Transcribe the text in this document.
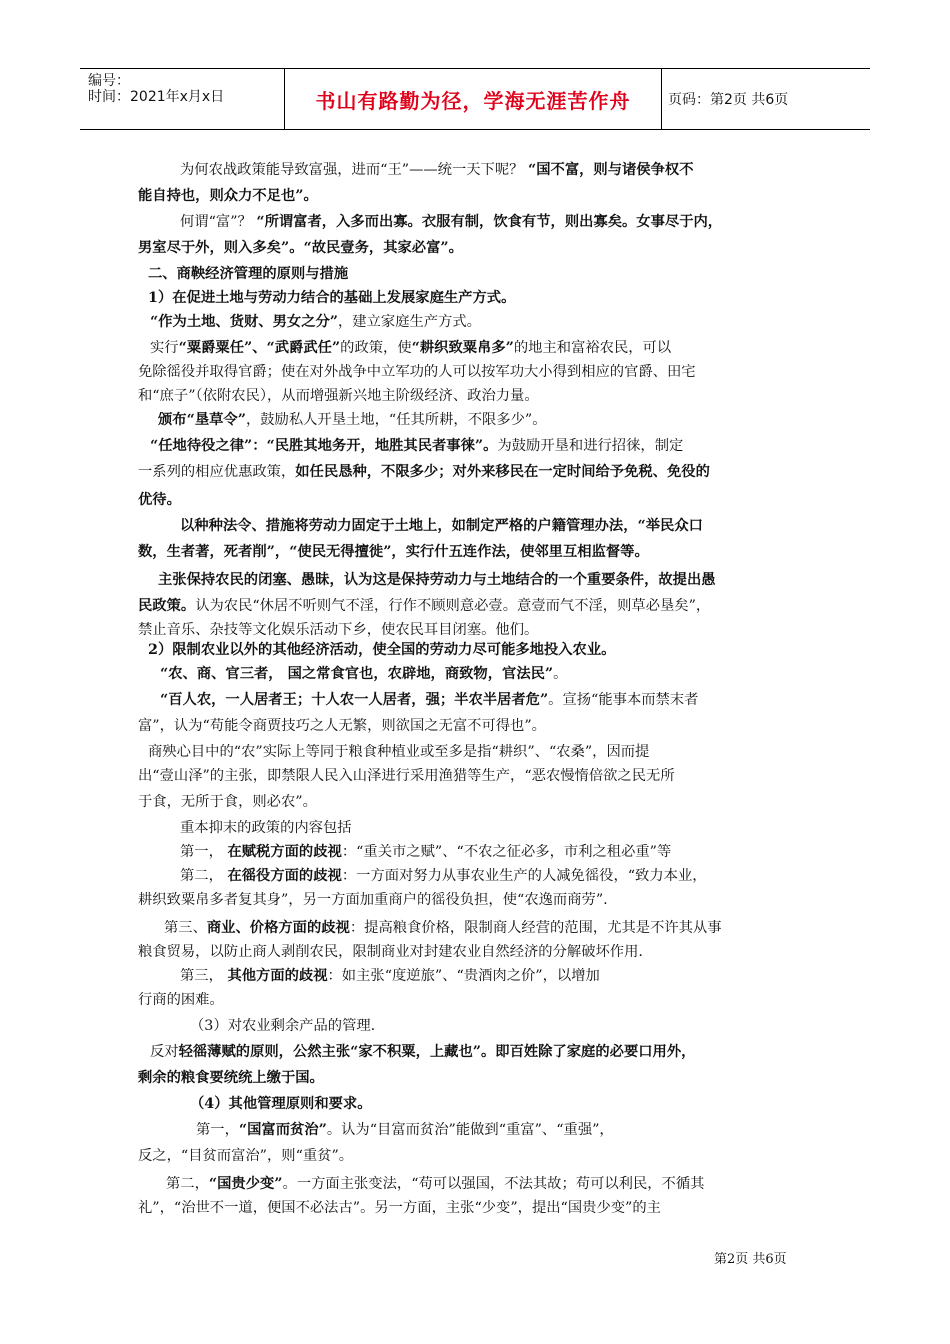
编号：
时间：2021年x月x日	书山有路勤为径，学海无涯苦作舟	页码：第2页 共6页
为何农战政策能导致富强，进而“王”——统一天下呢？ “国不富，则与诸侯争权不
能自持也，则众力不足也”。
何谓“富”？ “所谓富者，入多而出寡。衣服有制，饮食有节，则出寡矣。女事尽于内，
男室尽于外，则入多矣”。“故民壹务，其家必富”。
二、商鞅经济管理的原则与措施
1）在促进土地与劳动力结合的基础上发展家庭生产方式。
“作为土地、货财、男女之分”，建立家庭生产方式。
实行“粟爵粟任”、“武爵武任”的政策，使“耕织致粟帛多”的地主和富裕农民，可以
免除徭役并取得官爵；使在对外战争中立军功的人可以按军功大小得到相应的官爵、田宅
和“庶子”（依附农民），从而增强新兴地主阶级经济、政治力量。
颁布“垦草令”，鼓励私人开垦土地，“任其所耕，不限多少”。
“任地待役之律”：“民胜其地务开，地胜其民者事徕”。为鼓励开垦和进行招徕，制定
一系列的相应优惠政策，如任民恳种，不限多少；对外来移民在一定时间给予免税、免役的
优待。
以种种法令、措施将劳动力固定于土地上，如制定严格的户籍管理办法，“举民众口
数，生者著，死者削”，“使民无得擅徙”，实行什五连作法，使邻里互相监督等。
主张保持农民的闭塞、愚昧，认为这是保持劳动力与土地结合的一个重要条件，故提出愚
民政策。认为农民“休居不听则气不淫，行作不顾则意必壹。意壹而气不淫，则草必垦矣”，
禁止音乐、杂技等文化娱乐活动下乡，使农民耳目闭塞。他们。
2）限制农业以外的其他经济活动，使全国的劳动力尽可能多地投入农业。
“农、商、官三者， 国之常食官也，农辟地，商致物，官法民”。
“百人农，一人居者王；十人农一人居者，强；半农半居者危”。宣扬“能事本而禁末者
富”，认为“苟能令商贾技巧之人无繁，则欲国之无富不可得也”。
商殃心目中的“农”实际上等同于粮食种植业或至多是指“耕织”、“农桑”，因而提
出“壹山泽”的主张，即禁限人民入山泽进行采用渔猎等生产，“恶农慢惰倍欲之民无所
于食，无所于食，则必农”。
重本抑末的政策的内容包括
第一， 在赋税方面的歧视：“重关市之赋”、“不农之征必多，市利之租必重”等
第二， 在徭役方面的歧视：一方面对努力从事农业生产的人减免徭役，“致力本业，
耕织致粟帛多者复其身”，另一方面加重商户的徭役负担，使“农逸而商劳”.
第三、商业、价格方面的歧视：提高粮食价格，限制商人经营的范围，尤其是不许其从事
粮食贸易，以防止商人剥削农民，限制商业对封建农业自然经济的分解破坏作用.
第三， 其他方面的歧视：如主张“度逆旅”、“贵酒肉之价”，以增加
行商的困难。
（3）对农业剩余产品的管理.
反对轻徭薄赋的原则，公然主张“家不积粟，上藏也”。即百姓除了家庭的必要口用外，
剩余的粮食要统统上缴于国。
（4）其他管理原则和要求。
第一，“国富而贫治”。认为“目富而贫治”能做到“重富”、“重强”，
反之，“目贫而富治”，则“重贫”。
第二，“国贵少变”。一方面主张变法，“苟可以强国，不法其故；苟可以利民，不循其
礼”，“治世不一道，便国不必法古”。另一方面，主张“少变”，提出“国贵少变”的主
第2页 共6页
